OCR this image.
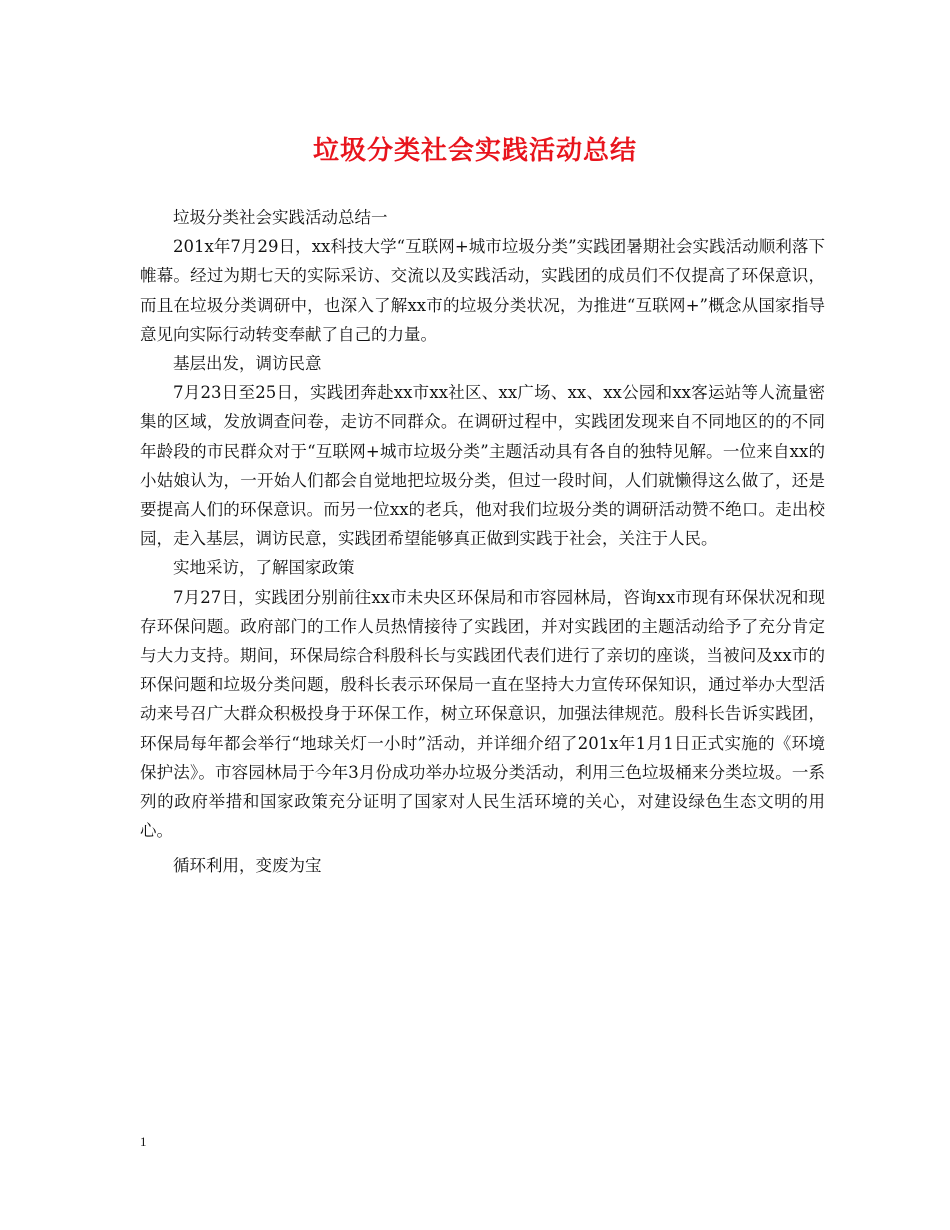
垃圾分类社会实践活动总结

垃圾分类社会实践活动总结一

201x年7月29日，xx科技大学“互联网+城市垃圾分类”实践团暑期社会实践活动顺利落下帷幕。经过为期七天的实际采访、交流以及实践活动，实践团的成员们不仅提高了环保意识，而且在垃圾分类调研中，也深入了解xx市的垃圾分类状况，为推进“互联网+”概念从国家指导意见向实际行动转变奉献了自己的力量。

基层出发，调访民意

7月23日至25日，实践团奔赴xx市xx社区、xx广场、xx、xx公园和xx客运站等人流量密集的区域，发放调查问卷，走访不同群众。在调研过程中，实践团发现来自不同地区的的不同年龄段的市民群众对于“互联网+城市垃圾分类”主题活动具有各自的独特见解。一位来自xx的小姑娘认为，一开始人们都会自觉地把垃圾分类，但过一段时间，人们就懒得这么做了，还是要提高人们的环保意识。而另一位xx的老兵，他对我们垃圾分类的调研活动赞不绝口。走出校园，走入基层，调访民意，实践团希望能够真正做到实践于社会，关注于人民。

实地采访，了解国家政策

7月27日，实践团分别前往xx市未央区环保局和市容园林局，咨询xx市现有环保状况和现存环保问题。政府部门的工作人员热情接待了实践团，并对实践团的主题活动给予了充分肯定与大力支持。期间，环保局综合科殷科长与实践团代表们进行了亲切的座谈，当被问及xx市的环保问题和垃圾分类问题，殷科长表示环保局一直在坚持大力宣传环保知识，通过举办大型活动来号召广大群众积极投身于环保工作，树立环保意识，加强法律规范。殷科长告诉实践团，环保局每年都会举行“地球关灯一小时”活动，并详细介绍了201x年1月1日正式实施的《环境保护法》。市容园林局于今年3月份成功举办垃圾分类活动，利用三色垃圾桶来分类垃圾。一系列的政府举措和国家政策充分证明了国家对人民生活环境的关心，对建设绿色生态文明的用心。

循环利用，变废为宝

1
